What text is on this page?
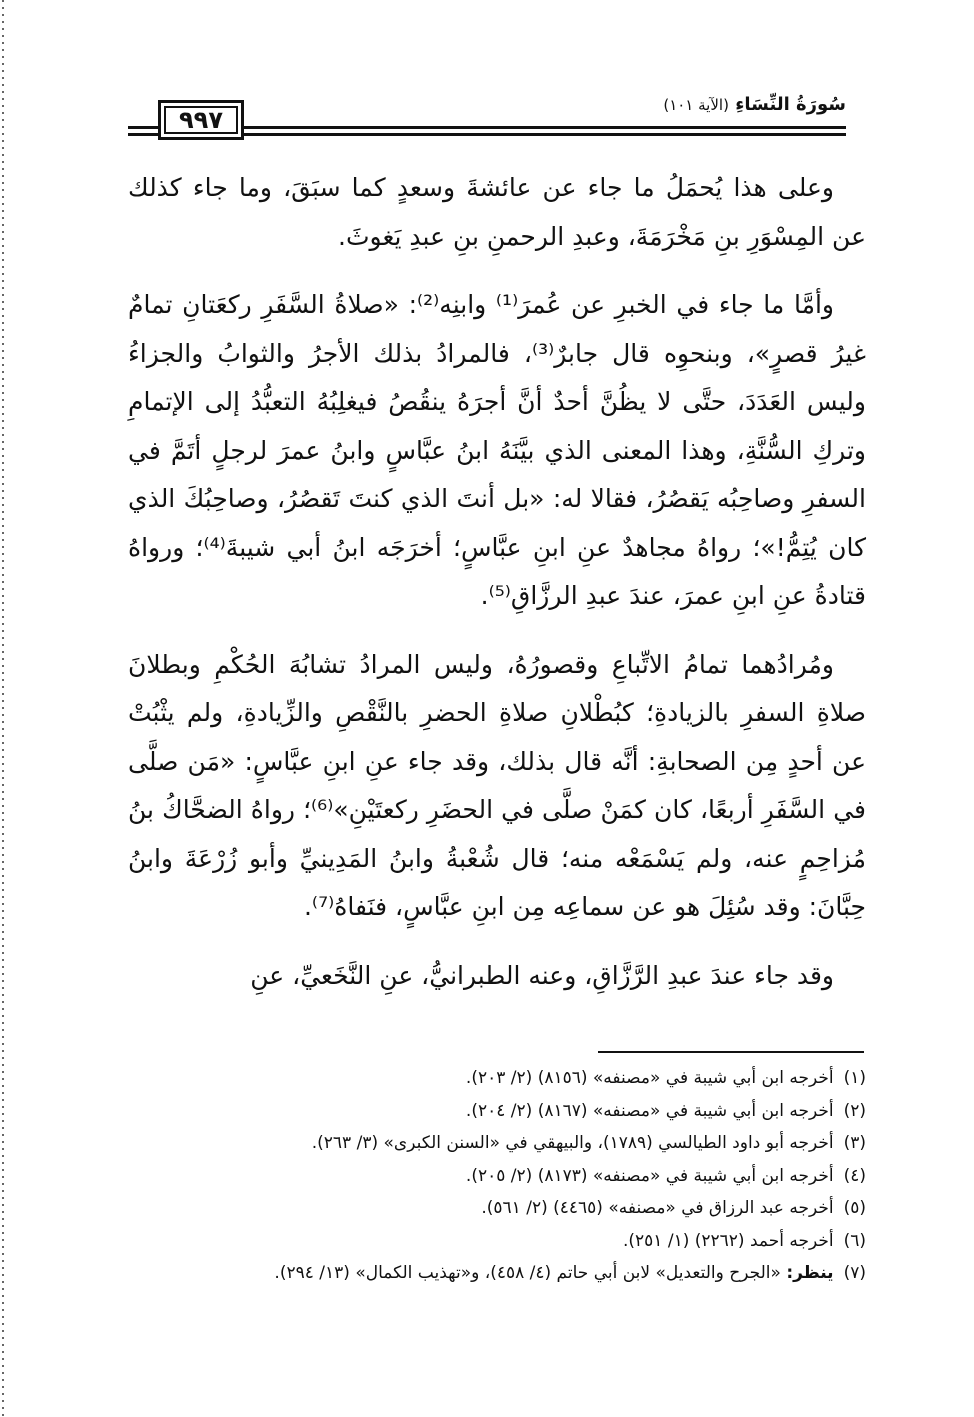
٩٩٧
سُورَةُ النِّسَاءِ (الآية ١٠١)

وعلى هذا يُحمَلُ ما جاء عن عائشةَ وسعدٍ كما سبَقَ، وما جاء كذلك عن المِسْوَرِ بنِ مَخْرَمَةَ، وعبدِ الرحمنِ بنِ عبدِ يَغوثَ.

وأمَّا ما جاء في الخبرِ عن عُمرَ⁽¹⁾ وابنِه⁽²⁾: «صلاةُ السَّفَرِ ركعَتانِ تمامٌ غيرُ قصرٍ»، وبنحوِه قال جابرٌ⁽³⁾، فالمرادُ بذلك الأجرُ والثوابُ والجزاءُ وليس العَدَدَ، حتَّى لا يظُنَّ أحدٌ أنَّ أجرَهُ ينقُصُ فيغلِبُهُ التعبُّدُ إلى الإتمامِ وتركِ السُّنَّةِ، وهذا المعنى الذي بيَّنَهُ ابنُ عبَّاسٍ وابنُ عمرَ لرجلٍ أتَمَّ في السفرِ وصاحِبُه يَقصُرُ، فقالا له: «بل أنتَ الذي كنتَ تَقصُرُ، وصاحِبُكَ الذي كان يُتِمُّ!»؛ رواهُ مجاهدٌ عنِ ابنِ عبَّاسٍ؛ أخرَجَه ابنُ أبي شيبةَ⁽⁴⁾؛ ورواهُ قتادةُ عنِ ابنِ عمرَ، عندَ عبدِ الرزَّاقِ⁽⁵⁾.

ومُرادُهما تمامُ الاتِّباعِ وقصورُهُ، وليس المرادُ تشابُهَ الحُكْمِ وبطلانَ صلاةِ السفرِ بالزيادةِ؛ كبُطْلانِ صلاةِ الحضرِ بالنَّقْصِ والزِّيادةِ، ولم يثْبُتْ عن أحدٍ مِن الصحابةِ: أنَّه قال بذلك، وقد جاء عنِ ابنِ عبَّاسٍ: «مَن صلَّى في السَّفَرِ أربعًا، كان كمَنْ صلَّى في الحضَرِ ركعتَيْنِ»⁽⁶⁾؛ رواهُ الضحَّاكُ بنُ مُزاحِمٍ عنه، ولم يَسْمَعْه منه؛ قال شُعْبةُ وابنُ المَدِينيِّ وأبو زُرْعَةَ وابنُ حِبَّانَ: وقد سُئِلَ هو عن سماعِه مِن ابنِ عبَّاسٍ، فنَفاهُ⁽⁷⁾.

وقد جاء عندَ عبدِ الرَّزَّاقِ، وعنه الطبرانيُّ، عنِ النَّخَعيِّ، عنِ

(١)أخرجه ابن أبي شيبة في «مصنفه» (٨١٥٦) (٢/ ٢٠٣).
(٢)أخرجه ابن أبي شيبة في «مصنفه» (٨١٦٧) (٢/ ٢٠٤).
(٣)أخرجه أبو داود الطيالسي (١٧٨٩)، والبيهقي في «السنن الكبرى» (٣/ ٢٦٣).
(٤)أخرجه ابن أبي شيبة في «مصنفه» (٨١٧٣) (٢/ ٢٠٥).
(٥)أخرجه عبد الرزاق في «مصنفه» (٤٤٦٥) (٢/ ٥٦١).
(٦)أخرجه أحمد (٢٢٦٢) (١/ ٢٥١).
(٧)ينظر: «الجرح والتعديل» لابن أبي حاتم (٤/ ٤٥٨)، و«تهذيب الكمال» (١٣/ ٢٩٤).
